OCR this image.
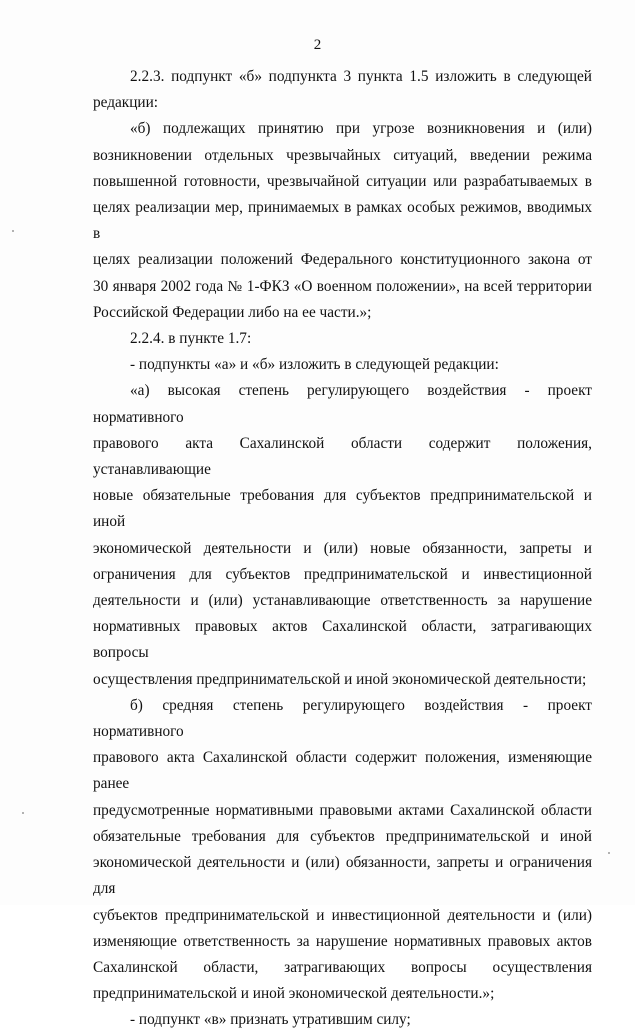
2

2.2.3. подпункт «б» подпункта 3 пункта 1.5 изложить в следующей

редакции:

«б) подлежащих принятию при угрозе возникновения и (или)

возникновении отдельных чрезвычайных ситуаций, введении режима

повышенной готовности, чрезвычайной ситуации или разрабатываемых в

целях реализации мер, принимаемых в рамках особых режимов, вводимых в

целях реализации положений Федерального конституционного закона от

30 января 2002 года № 1-ФКЗ «О военном положении», на всей территории

Российской Федерации либо на ее части.»;

2.2.4. в пункте 1.7:

- подпункты «а» и «б» изложить в следующей редакции:

«а) высокая степень регулирующего воздействия - проект нормативного

правового акта Сахалинской области содержит положения, устанавливающие

новые обязательные требования для субъектов предпринимательской и иной

экономической деятельности и (или) новые обязанности, запреты и

ограничения для субъектов предпринимательской и инвестиционной

деятельности и (или) устанавливающие ответственность за нарушение

нормативных правовых актов Сахалинской области, затрагивающих вопросы

осуществления предпринимательской и иной экономической деятельности;

б) средняя степень регулирующего воздействия - проект нормативного

правового акта Сахалинской области содержит положения, изменяющие ранее

предусмотренные нормативными правовыми актами Сахалинской области

обязательные требования для субъектов предпринимательской и иной

экономической деятельности и (или) обязанности, запреты и ограничения для

субъектов предпринимательской и инвестиционной деятельности и (или)

изменяющие ответственность за нарушение нормативных правовых актов

Сахалинской области, затрагивающих вопросы осуществления

предпринимательской и иной экономической деятельности.»;

- подпункт «в» признать утратившим силу;
